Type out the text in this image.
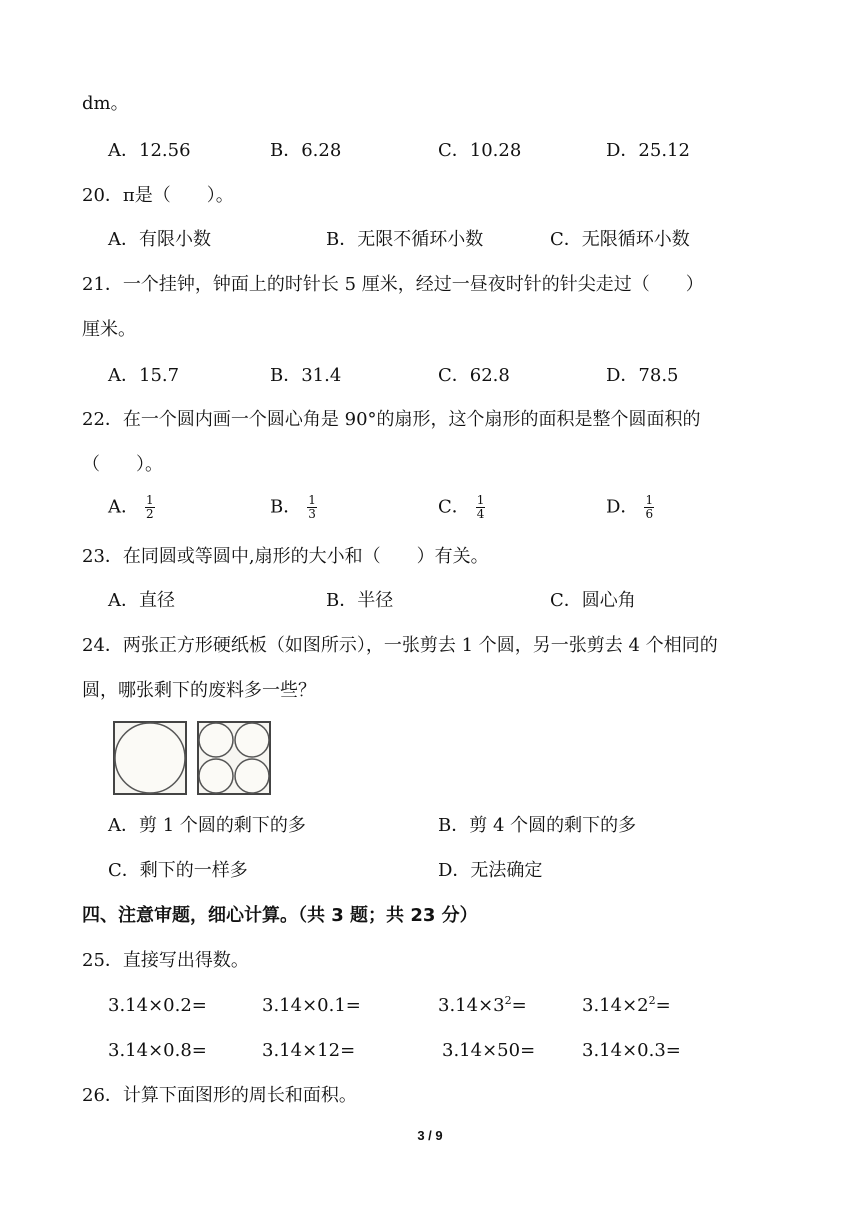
dm。
A．12.56	B．6.28	C．10.28	D．25.12
20．π是（　　）。
A．有限小数	B．无限不循环小数	C．无限循环小数
21．一个挂钟，钟面上的时针长 5 厘米，经过一昼夜时针的针尖走过（　　）
厘米。
A．15.7	B．31.4	C．62.8	D．78.5
22．在一个圆内画一个圆心角是 90°的扇形，这个扇形的面积是整个圆面积的
（　　）。
A． $\frac{1}{2}$	B． $\frac{1}{3}$	C． $\frac{1}{4}$	D． $\frac{1}{6}$
23．在同圆或等圆中,扇形的大小和（　　）有关。
A．直径	B．半径	C．圆心角
24．两张正方形硬纸板（如图所示），一张剪去 1 个圆，另一张剪去 4 个相同的
圆，哪张剩下的废料多一些？
A．剪 1 个圆的剩下的多	B．剪 4 个圆的剩下的多
C．剩下的一样多	D．无法确定
四、注意审题，细心计算。（共 3 题；共 23 分）
25．直接写出得数。
3.14×0.2=	3.14×0.1=	$3.14\times 3^2=$	$3.14\times 2^2=$
3.14×0.8=	3.14×12=	3.14×50=	3.14×0.3=
26．计算下面图形的周长和面积。
3 / 9
